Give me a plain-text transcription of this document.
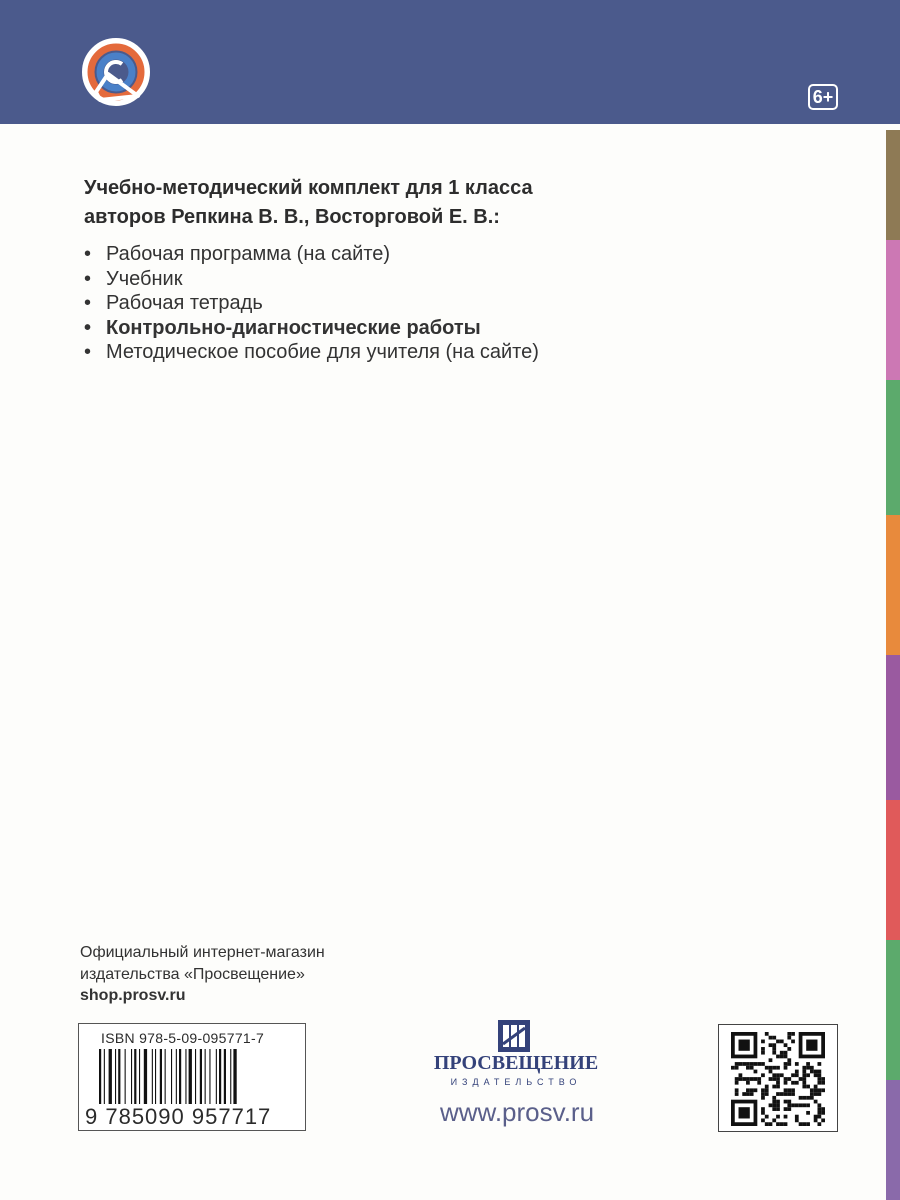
6+
Учебно-методический комплект для 1 класса
авторов Репкина В. В., Восторговой Е. В.:
• Рабочая программа (на сайте)
• Учебник
• Рабочая тетрадь
• Контрольно-диагностические работы
• Методическое пособие для учителя (на сайте)
Официальный интернет-магазин
издательства «Просвещение»
shop.prosv.ru
ISBN 978-5-09-095771-7
9 785090 957717
ПРОСВЕЩЕНИЕ
ИЗДАТЕЛЬСТВО
www.prosv.ru
